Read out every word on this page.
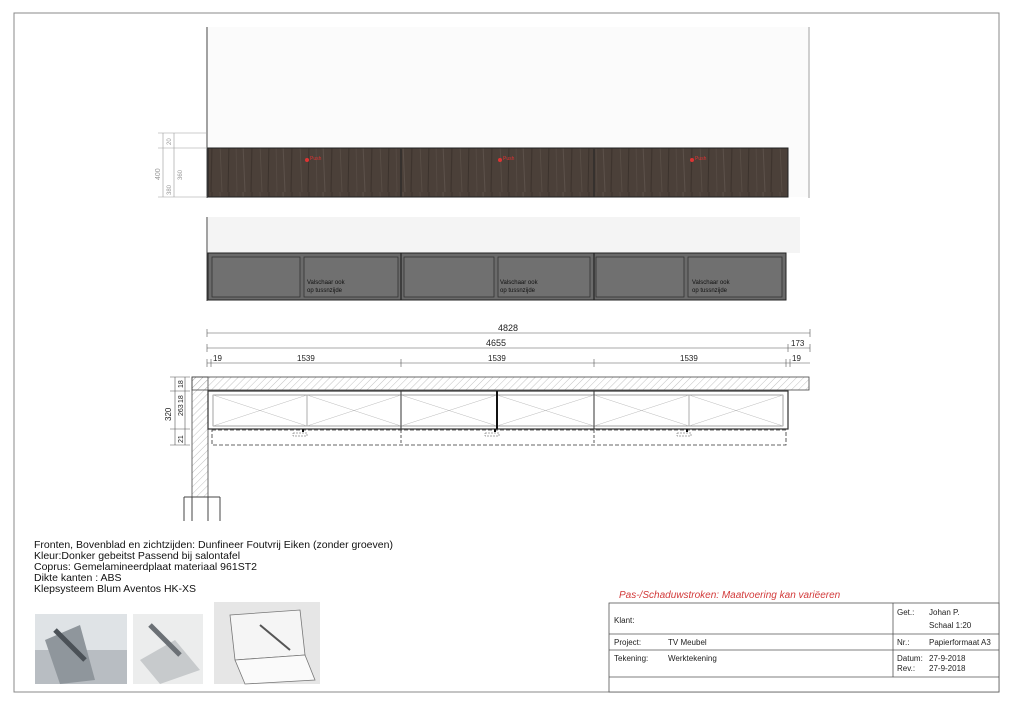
Push	Push	Push
400
380
20
360
Valschaar ook
op tussnzijde
Valschaar ook
op tussnzijde
Valschaar ook
op tussnzijde
4828
4655	173
19	1539	1539	1539	19
320
18
263
18
21
Fronten, Bovenblad en zichtzijden: Dunfineer Foutvrij Eiken (zonder groeven)
Kleur:Donker gebeitst Passend bij salontafel
Coprus: Gemelamineerdplaat materiaal 961ST2
Dikte kanten : ABS
Klepsysteem Blum Aventos HK-XS
Pas-/Schaduwstroken: Maatvoering kan variëeren
Klant:
Get.: Johan P.
Schaal 1:20
Project:	TV Meubel	Nr.: Papierformaat A3
Tekening: Werktekening	Datum: 27-9-2018
Rev.: 27-9-2018
